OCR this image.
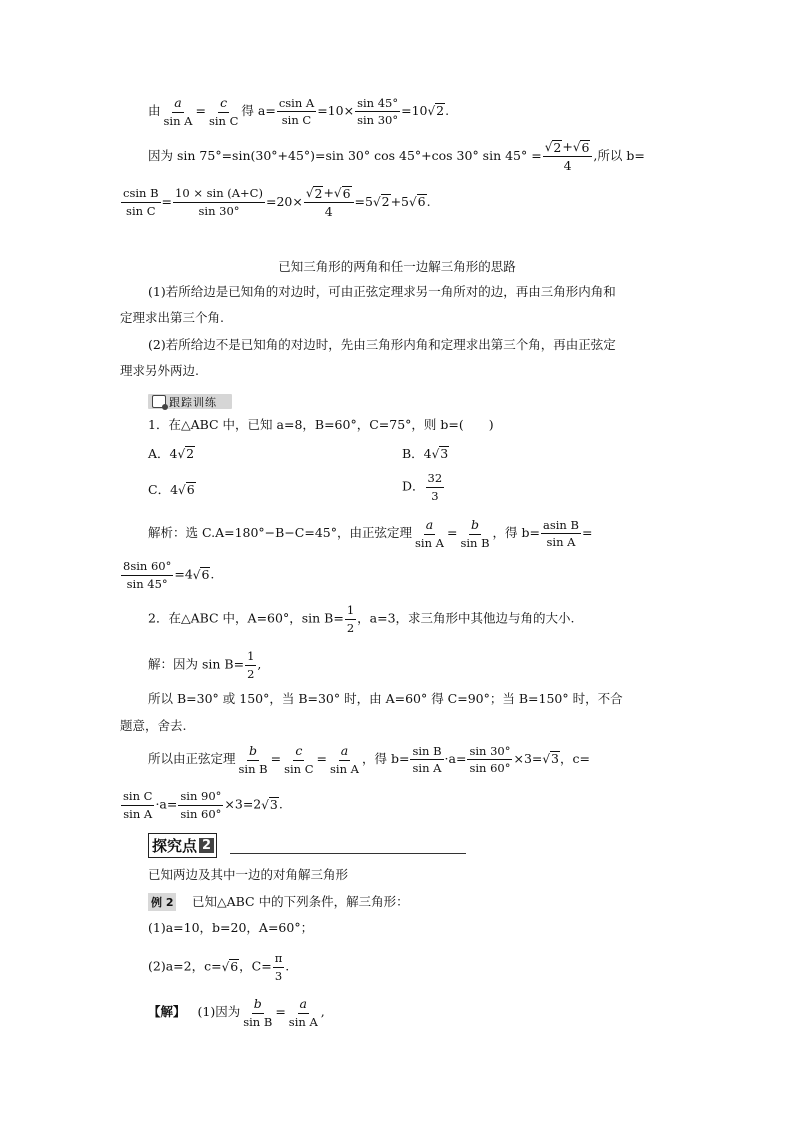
由 $\frac{a}{\text{sin A}} = \frac{c}{\text{sin C}}$ 得 $a= \frac{\text{csin A}}{\text{sin C}} =10\times \frac{\sin 45^\circ}{\sin 30^\circ} =10$ √ 2 .
因为 sin 75°=sin(30°+45°)=sin 30° cos 45°+cos 30° $\sin 45^\circ = \frac{√ 2 + √ 6}{4}$ ,所以 b=
$\frac{\text{csin B}}{\text{sin C}} = \frac{10 \times \sin (A+C)}{\sin 30^\circ} =20\times \frac{√ 2 + √ 6}{4} =5$ √ 2 +5 √ 6 .
已知三角形的两角和任一边解三角形的思路
(1)若所给边是已知角的对边时，可由正弦定理求另一角所对的边，再由三角形内角和
定理求出第三个角.
(2)若所给边不是已知角的对边时，先由三角形内角和定理求出第三个角，再由正弦定
理求另外两边.
跟踪训练
1．在△ABC 中，已知 a=8，B=60°，C=75°，则 b=(　　)
A．4 √ 2	B．4 √ 3
C．4 √ 6	D． $\frac{32}{3}$
解析：选 C.A=180°−B−C=45°，由正弦定理 $\frac{a}{\text{sin A}} = \frac{b}{\text{sin B}}$ ，得 $b= \frac{\text{asin B}}{\text{sin A}}$ =
$\frac{8\sin 60^\circ}{\sin 45^\circ} =4$ √ 6 .
2．在△ABC 中，A=60°，$\sin B= \frac{1}{2}$ ，a=3，求三角形中其他边与角的大小.
解：因为 $\sin B= \frac{1}{2}$ ,
所以 B=30° 或 150°，当 B=30° 时，由 A=60° 得 C=90°；当 B=150° 时，不合
题意，舍去.
所以由正弦定理 $\frac{b}{\text{sin B}} = \frac{c}{\text{sin C}} = \frac{a}{\text{sin A}}$ ，得 $b= \frac{\text{sin B}}{\text{sin A}} \cdot a= \frac{\sin 30^\circ}{\sin 60^\circ} \times 3=$ √ 3 ，c=
$\frac{\text{sin C}}{\text{sin A}} \cdot a= \frac{\sin 90^\circ}{\sin 60^\circ} \times 3=2$ √ 3 .
探究点 2
已知两边及其中一边的对角解三角形
例 2 已知△ABC 中的下列条件，解三角形：
(1)a=10，b=20，A=60°；
(2)a=2，c= √ 6 ，$C= \frac{\pi}{3}$ .
【解】 (1)因为 $\frac{b}{\text{sin B}} = \frac{a}{\text{sin A}}$ ,
